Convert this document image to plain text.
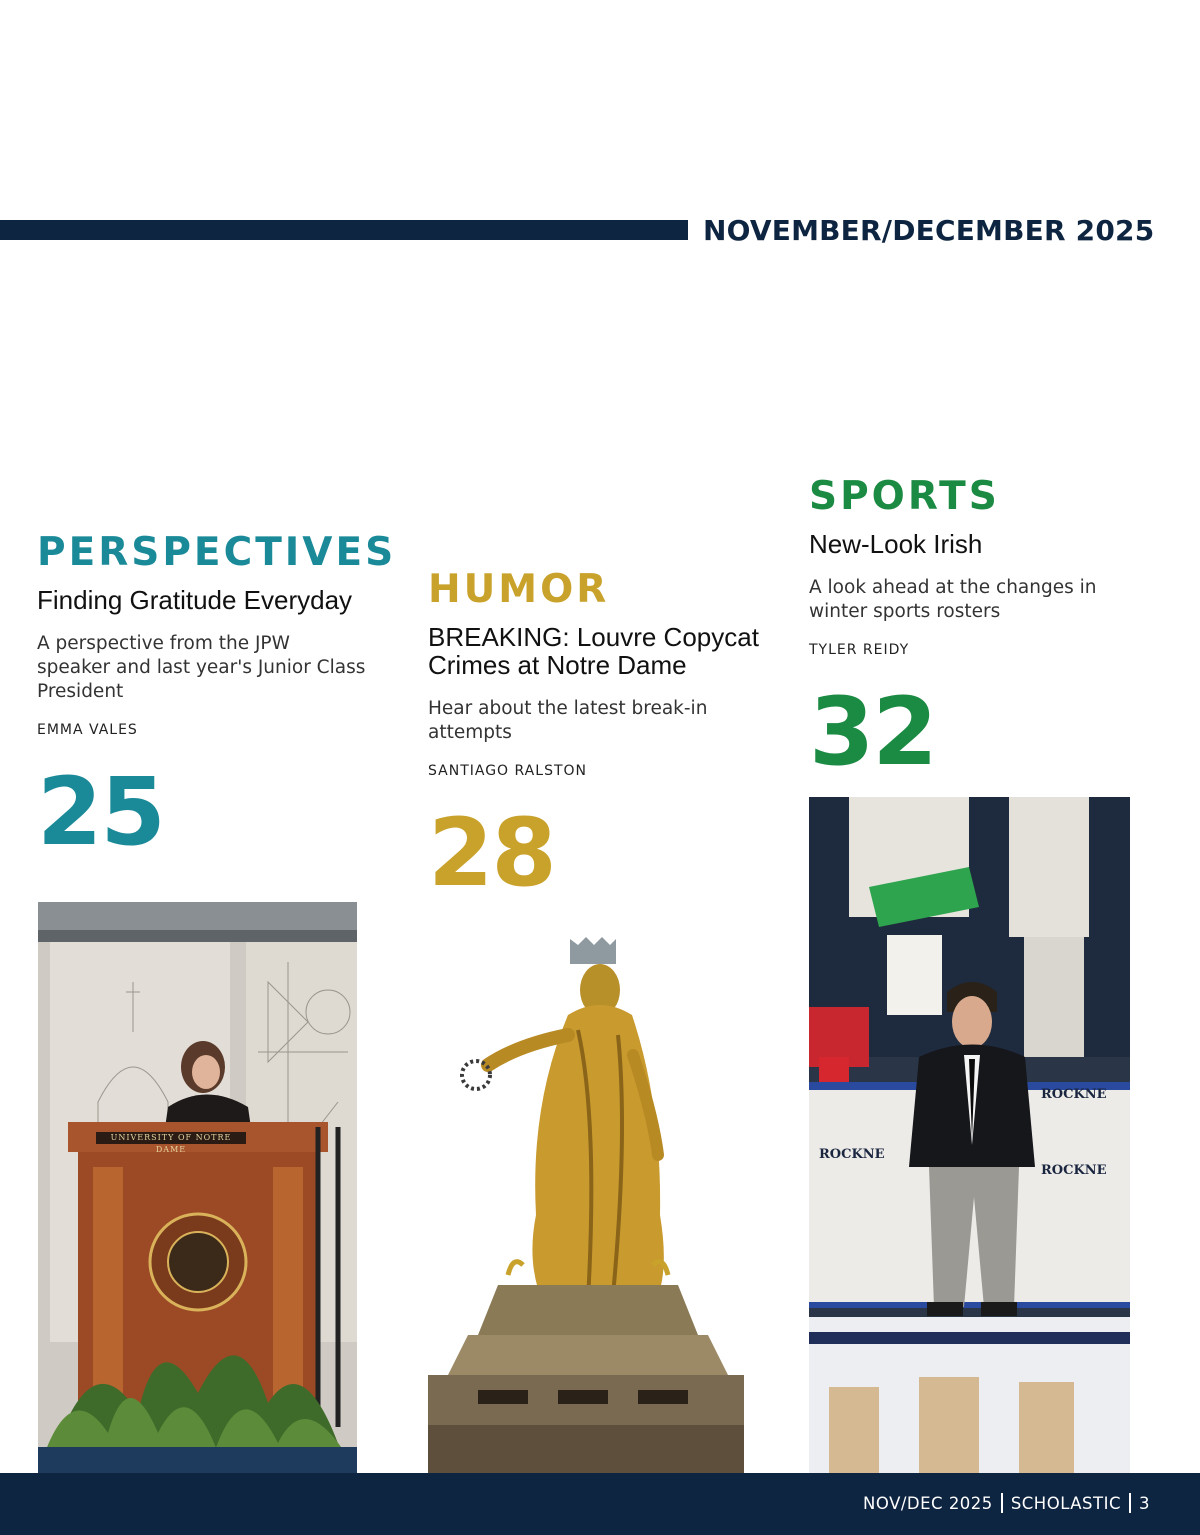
NOVEMBER/DECEMBER 2025
PERSPECTIVES
Finding Gratitude Everyday
A perspective from the JPW speaker and last year's Junior Class President
EMMA VALES
25
HUMOR
BREAKING: Louvre Copycat Crimes at Notre Dame
Hear about the latest break-in attempts
SANTIAGO RALSTON
28
SPORTS
New-Look Irish
A look ahead at the changes in winter sports rosters
TYLER REIDY
32
UNIVERSITY OF NOTRE DAME	ROCKNE
ROCKNE
ROCKNE
NOV/DEC 2025 SCHOLASTIC 3
